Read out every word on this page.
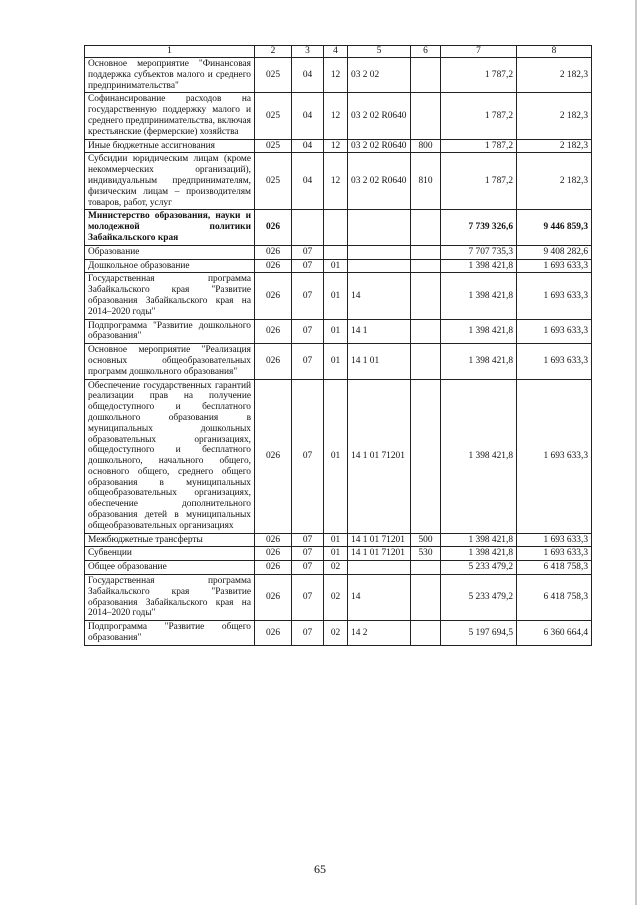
1	2	3	4	5	6	7	8
Основное мероприятие "Финансовая поддержка субъектов малого и среднего предпринимательства"	025	04	12	03 2 02		1 787,2	2 182,3
Софинансирование расходов на государственную поддержку малого и среднего предпринимательства, включая крестьянские (фермерские) хозяйства	025	04	12	03 2 02 R0640		1 787,2	2 182,3
Иные бюджетные ассигнования	025	04	12	03 2 02 R0640	800	1 787,2	2 182,3
Субсидии юридическим лицам (кроме некоммерческих организаций), индивидуальным предпринимателям, физическим лицам – производителям товаров, работ, услуг	025	04	12	03 2 02 R0640	810	1 787,2	2 182,3
Министерство образования, науки и молодежной политики Забайкальского края	026					7 739 326,6	9 446 859,3
Образование	026	07				7 707 735,3	9 408 282,6
Дошкольное образование	026	07	01			1 398 421,8	1 693 633,3
Государственная программа Забайкальского края "Развитие образования Забайкальского края на 2014–2020 годы"	026	07	01	14		1 398 421,8	1 693 633,3
Подпрограмма "Развитие дошкольного образования"	026	07	01	14 1		1 398 421,8	1 693 633,3
Основное мероприятие "Реализация основных общеобразовательных программ дошкольного образования"	026	07	01	14 1 01		1 398 421,8	1 693 633,3
Обеспечение государственных гарантий реализации прав на получение общедоступного и бесплатного дошкольного образования в муниципальных дошкольных образовательных организациях, общедоступного и бесплатного дошкольного, начального общего, основного общего, среднего общего образования в муниципальных общеобразовательных организациях, обеспечение дополнительного образования детей в муниципальных общеобразовательных организациях	026	07	01	14 1 01 71201		1 398 421,8	1 693 633,3
Межбюджетные трансферты	026	07	01	14 1 01 71201	500	1 398 421,8	1 693 633,3
Субвенции	026	07	01	14 1 01 71201	530	1 398 421,8	1 693 633,3
Общее образование	026	07	02			5 233 479,2	6 418 758,3
Государственная программа Забайкальского края "Развитие образования Забайкальского края на 2014–2020 годы"	026	07	02	14		5 233 479,2	6 418 758,3
Подпрограмма "Развитие общего образования"	026	07	02	14 2		5 197 694,5	6 360 664,4
65
